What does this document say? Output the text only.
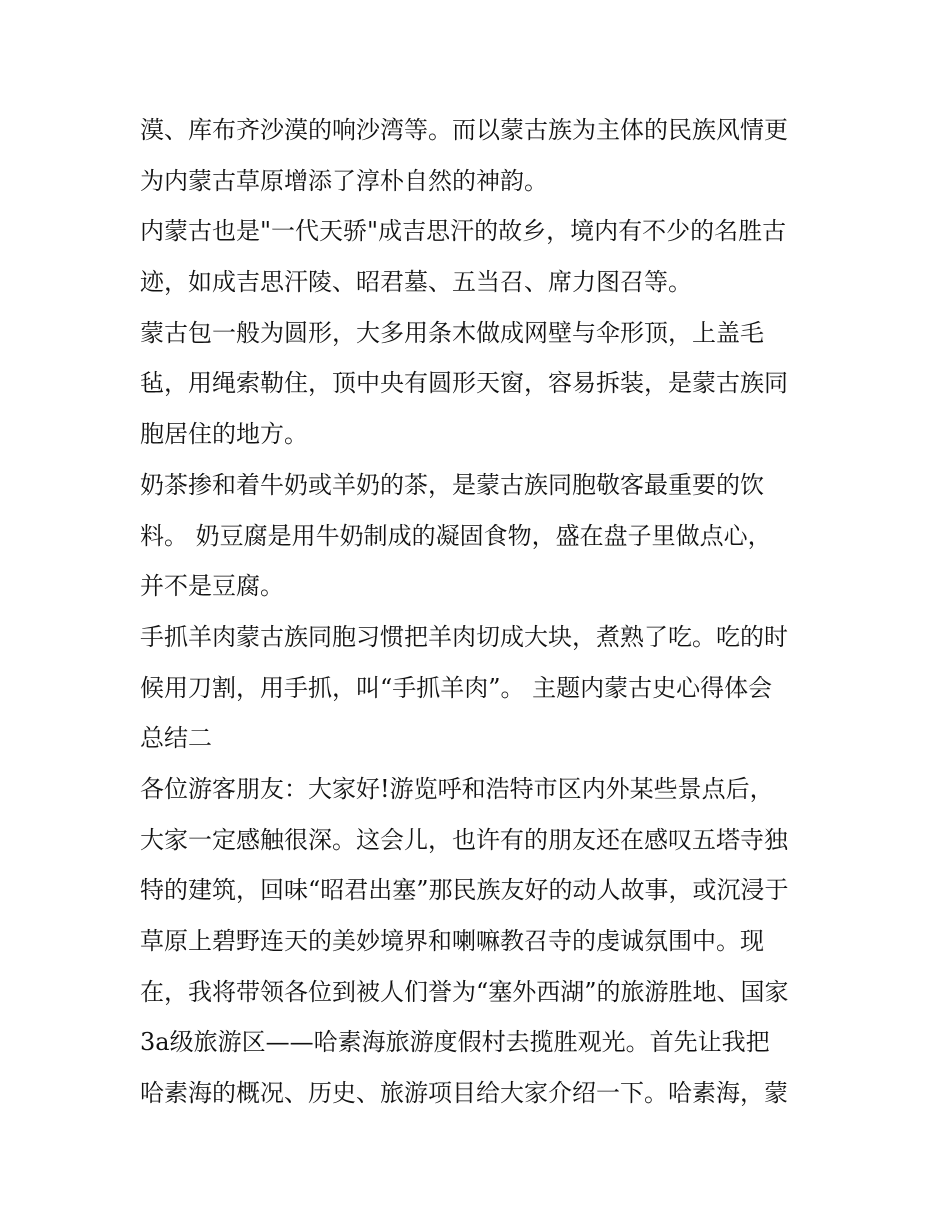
漠、库布齐沙漠的响沙湾等。而以蒙古族为主体的民族风情更
为内蒙古草原增添了淳朴自然的神韵。
内蒙古也是"一代天骄"成吉思汗的故乡，境内有不少的名胜古
迹，如成吉思汗陵、昭君墓、五当召、席力图召等。
蒙古包一般为圆形，大多用条木做成网壁与伞形顶，上盖毛
毡，用绳索勒住，顶中央有圆形天窗，容易拆装，是蒙古族同
胞居住的地方。
奶茶掺和着牛奶或羊奶的茶，是蒙古族同胞敬客最重要的饮
料。 奶豆腐是用牛奶制成的凝固食物，盛在盘子里做点心，
并不是豆腐。
手抓羊肉蒙古族同胞习惯把羊肉切成大块，煮熟了吃。吃的时
候用刀割，用手抓，叫“手抓羊肉”。 主题内蒙古史心得体会
总结二
各位游客朋友：大家好!游览呼和浩特市区内外某些景点后，
大家一定感触很深。这会儿，也许有的朋友还在感叹五塔寺独
特的建筑，回味“昭君出塞”那民族友好的动人故事，或沉浸于
草原上碧野连天的美妙境界和喇嘛教召寺的虔诚氛围中。现
在，我将带领各位到被人们誉为“塞外西湖”的旅游胜地、国家
3a级旅游区——哈素海旅游度假村去揽胜观光。首先让我把
哈素海的概况、历史、旅游项目给大家介绍一下。哈素海，蒙
